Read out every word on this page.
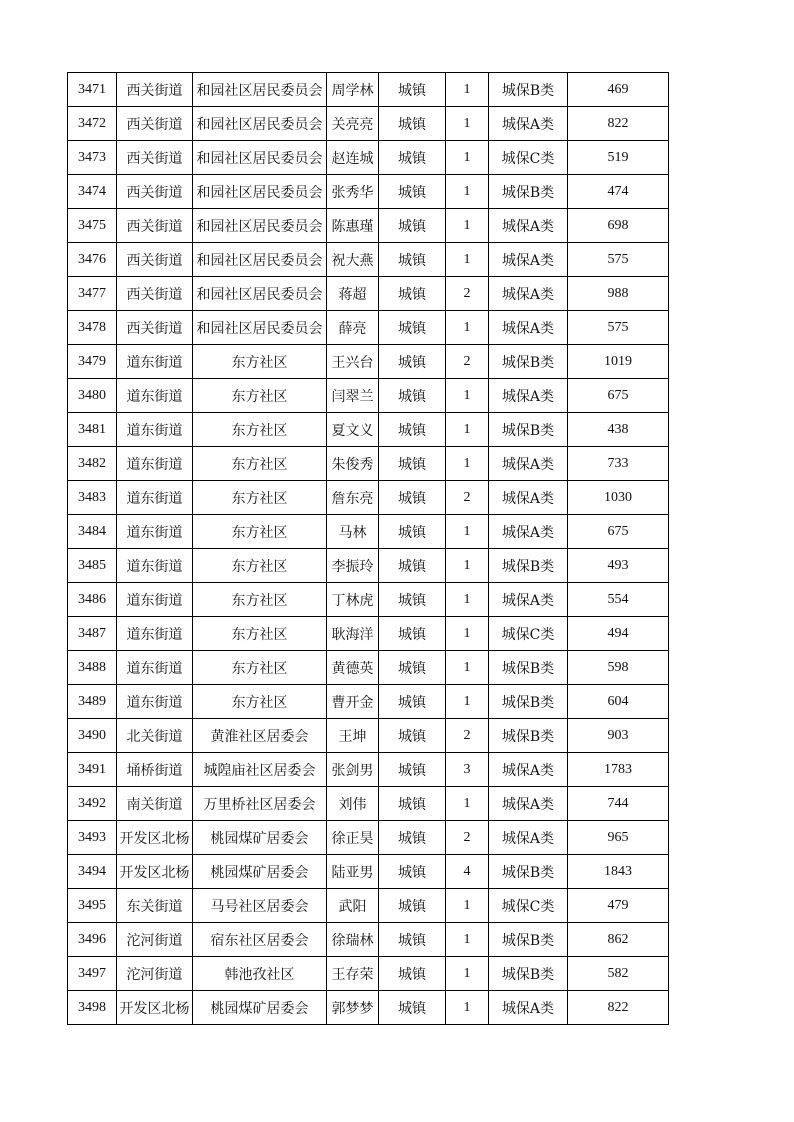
3471	西关街道	和园社区居民委员会	周学林	城镇	1	城保B类	469
3472	西关街道	和园社区居民委员会	关亮亮	城镇	1	城保A类	822
3473	西关街道	和园社区居民委员会	赵连城	城镇	1	城保C类	519
3474	西关街道	和园社区居民委员会	张秀华	城镇	1	城保B类	474
3475	西关街道	和园社区居民委员会	陈惠瑾	城镇	1	城保A类	698
3476	西关街道	和园社区居民委员会	祝大燕	城镇	1	城保A类	575
3477	西关街道	和园社区居民委员会	蒋超	城镇	2	城保A类	988
3478	西关街道	和园社区居民委员会	薛亮	城镇	1	城保A类	575
3479	道东街道	东方社区	王兴台	城镇	2	城保B类	1019
3480	道东街道	东方社区	闫翠兰	城镇	1	城保A类	675
3481	道东街道	东方社区	夏文义	城镇	1	城保B类	438
3482	道东街道	东方社区	朱俊秀	城镇	1	城保A类	733
3483	道东街道	东方社区	詹东亮	城镇	2	城保A类	1030
3484	道东街道	东方社区	马林	城镇	1	城保A类	675
3485	道东街道	东方社区	李振玲	城镇	1	城保B类	493
3486	道东街道	东方社区	丁林虎	城镇	1	城保A类	554
3487	道东街道	东方社区	耿海洋	城镇	1	城保C类	494
3488	道东街道	东方社区	黄德英	城镇	1	城保B类	598
3489	道东街道	东方社区	曹开金	城镇	1	城保B类	604
3490	北关街道	黄淮社区居委会	王坤	城镇	2	城保B类	903
3491	埇桥街道	城隍庙社区居委会	张剑男	城镇	3	城保A类	1783
3492	南关街道	万里桥社区居委会	刘伟	城镇	1	城保A类	744
3493	开发区北杨	桃园煤矿居委会	徐正昊	城镇	2	城保A类	965
3494	开发区北杨	桃园煤矿居委会	陆亚男	城镇	4	城保B类	1843
3495	东关街道	马号社区居委会	武阳	城镇	1	城保C类	479
3496	沱河街道	宿东社区居委会	徐瑞林	城镇	1	城保B类	862
3497	沱河街道	韩池孜社区	王存荣	城镇	1	城保B类	582
3498	开发区北杨	桃园煤矿居委会	郭梦梦	城镇	1	城保A类	822
